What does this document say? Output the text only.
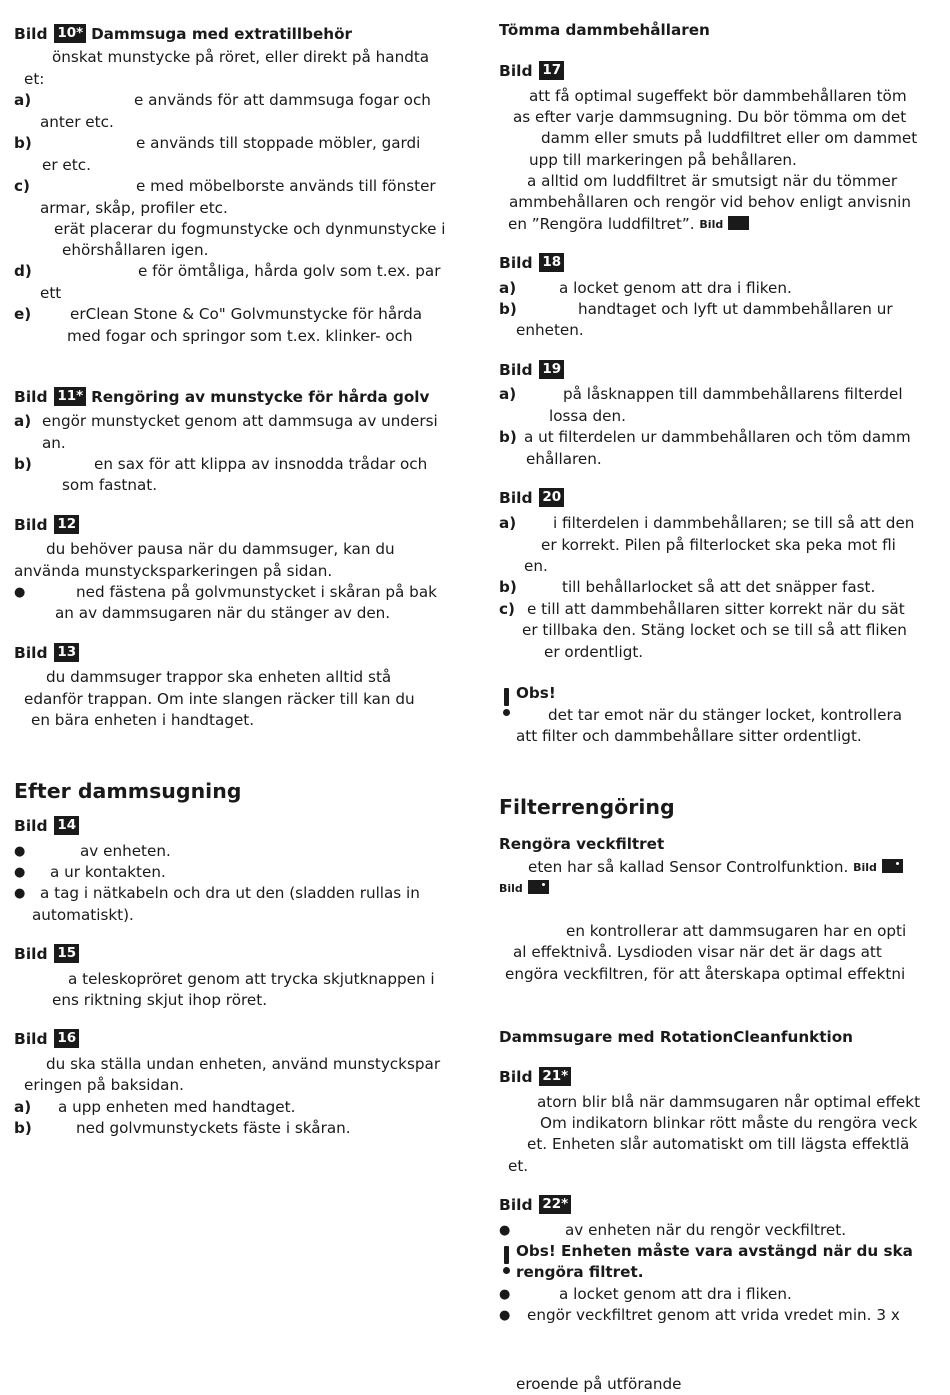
Bild 10* Dammsuga med extratillbehör
önskat munstycke på röret, eller direkt på handta
et:
a)	e används för att dammsuga fogar och
anter etc.
b)	e används till stoppade möbler, gardi
er etc.
c)	e med möbelborste används till fönster
armar, skåp, profiler etc.
erät placerar du fogmunstycke och dynmunstycke i
ehörshållaren igen.
d)	e för ömtåliga, hårda golv som t.ex. par
ett
e)	erClean Stone & Co" Golvmunstycke för hårda
med fogar och springor som t.ex. klinker- och
Bild 11* Rengöring av munstycke för hårda golv
a) engör munstycket genom att dammsuga av undersi
an.
b)	en sax för att klippa av insnodda trådar och
som fastnat.
Bild 12
du behöver pausa när du dammsuger, kan du
använda munstycksparkeringen på sidan.
●	ned fästena på golvmunstycket i skåran på bak
an av dammsugaren när du stänger av den.
Bild 13
du dammsuger trappor ska enheten alltid stå
edanför trappan. Om inte slangen räcker till kan du
en bära enheten i handtaget.
Efter dammsugning
Bild 14
●	av enheten.
● a ur kontakten.
● a tag i nätkabeln och dra ut den (sladden rullas in
automatiskt).
Bild 15
a teleskopröret genom att trycka skjutknappen i
ens riktning skjut ihop röret.
Bild 16
du ska ställa undan enheten, använd munstyckspar
eringen på baksidan.
a) a upp enheten med handtaget.
b)	ned golvmunstyckets fäste i skåran.
Tömma dammbehållaren
Bild 17
att få optimal sugeffekt bör dammbehållaren töm
as efter varje dammsugning. Du bör tömma om det
damm eller smuts på luddfiltret eller om dammet
upp till markeringen på behållaren.
a alltid om luddfiltret är smutsigt när du tömmer
ammbehållaren och rengör vid behov enligt anvisnin
en ”Rengöra luddfiltret”. Bild
Bild 18
a)	a locket genom att dra i fliken.
b)	handtaget och lyft ut dammbehållaren ur
enheten.
Bild 19
a)	på låsknappen till dammbehållarens filterdel
lossa den.
b) a ut filterdelen ur dammbehållaren och töm damm
ehållaren.
Bild 20
a) i filterdelen i dammbehållaren; se till så att den
er korrekt. Pilen på filterlocket ska peka mot fli
en.
b)	till behållarlocket så att det snäpper fast.
c) e till att dammbehållaren sitter korrekt när du sät
er tillbaka den. Stäng locket och se till så att fliken
er ordentligt.
Obs!
det tar emot när du stänger locket, kontrollera
att filter och dammbehållare sitter ordentligt.
Filterrengöring
Rengöra veckfiltret
eten har så kallad Sensor Controlfunktion. Bild
Bild
en kontrollerar att dammsugaren har en opti
al effektnivå. Lysdioden visar när det är dags att
engöra veckfiltren, för att återskapa optimal effektni
Dammsugare med RotationCleanfunktion
Bild 21*
atorn blir blå när dammsugaren når optimal effekt
Om indikatorn blinkar rött måste du rengöra veck
et. Enheten slår automatiskt om till lägsta effektlä
et.
Bild 22*
●	av enheten när du rengör veckfiltret.
Obs! Enheten måste vara avstängd när du ska
rengöra filtret.
●	a locket genom att dra i fliken.
● engör veckfiltret genom att vrida vredet min. 3 x
eroende på utförande
